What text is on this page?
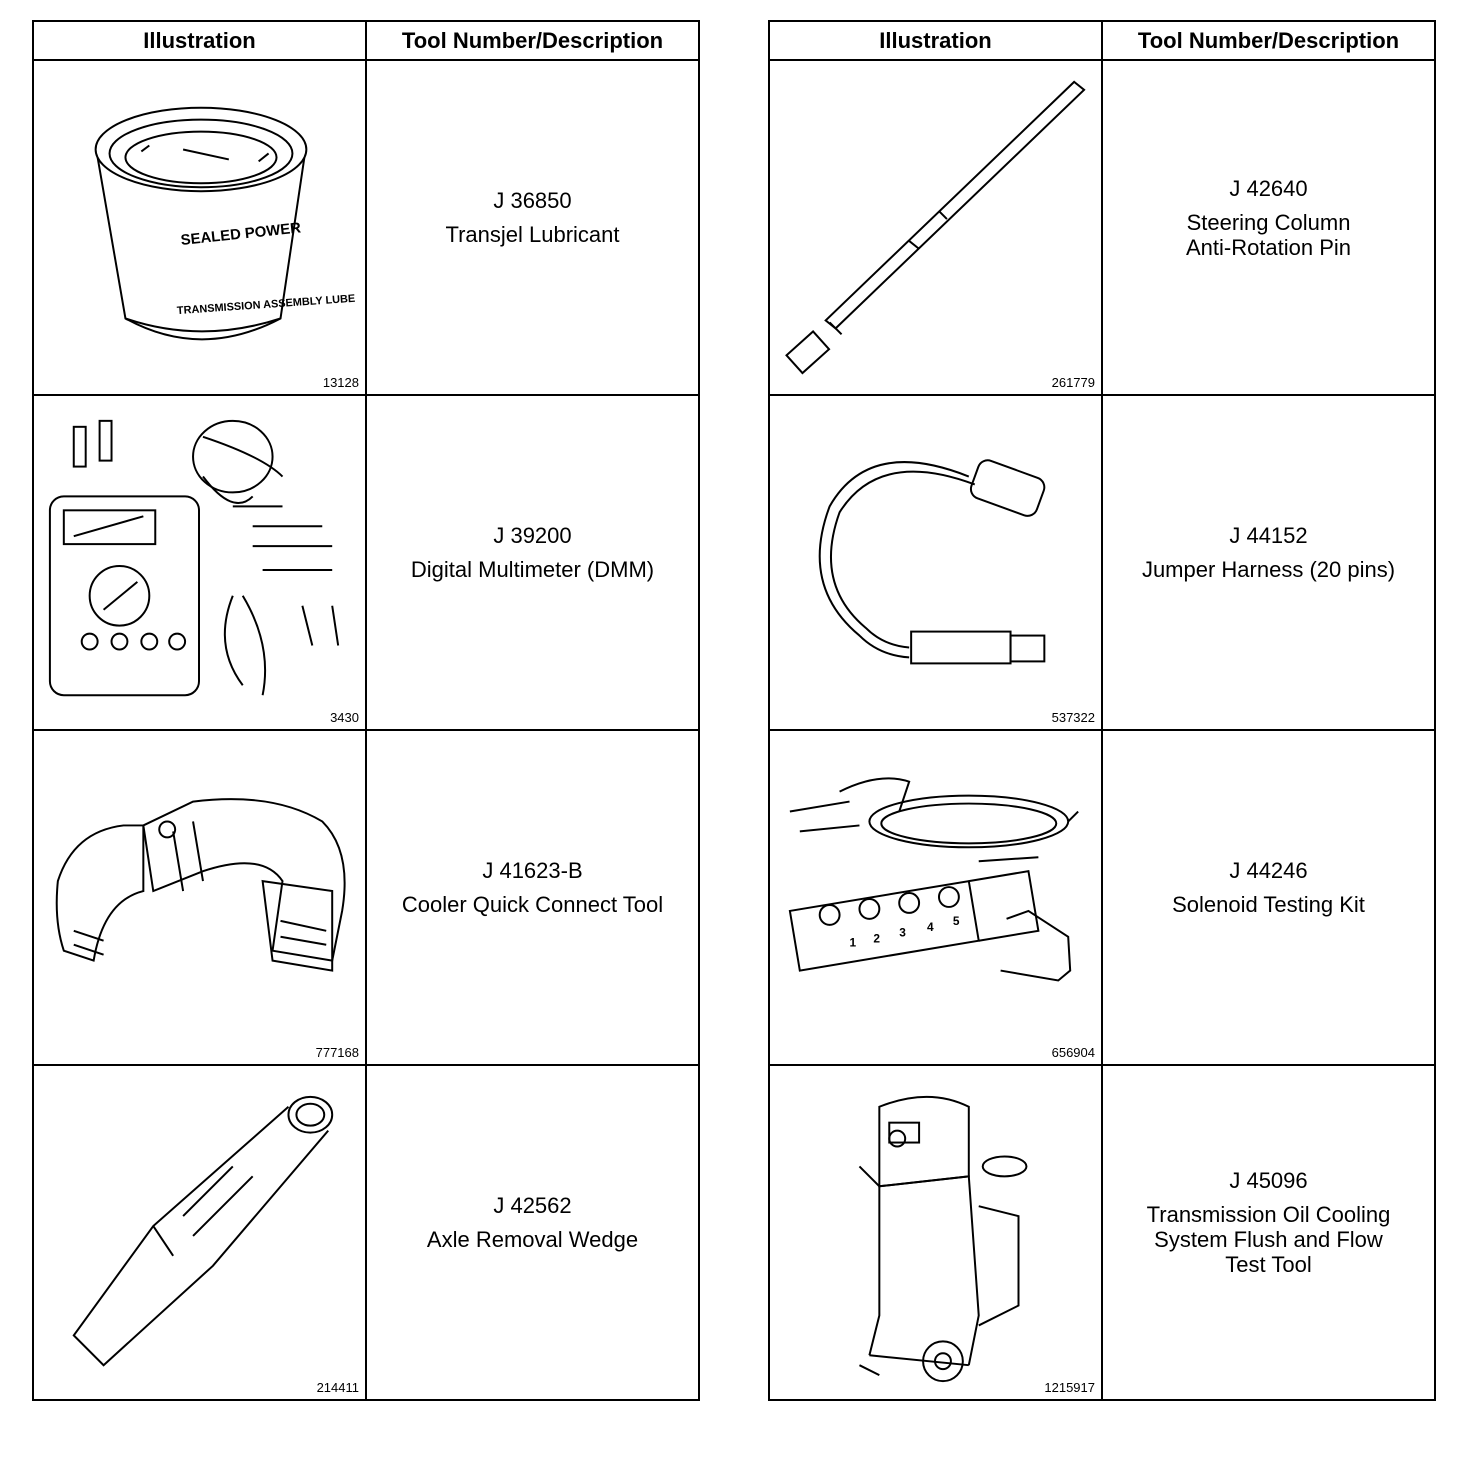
Illustration	Tool Number/Description
SEALED POWER
TRANSMISSION ASSEMBLY LUBE
13128
J 36850
Transjel Lubricant
3430
J 39200
Digital Multimeter (DMM)
777168
J 41623-B
Cooler Quick Connect Tool
214411
J 42562
Axle Removal Wedge
Illustration	Tool Number/Description
261779
J 42640
Steering Column
Anti-Rotation Pin
537322
J 44152
Jumper Harness (20 pins)
1 2 3 4 5
656904
J 44246
Solenoid Testing Kit
1215917
J 45096
Transmission Oil Cooling
System Flush and Flow
Test Tool
